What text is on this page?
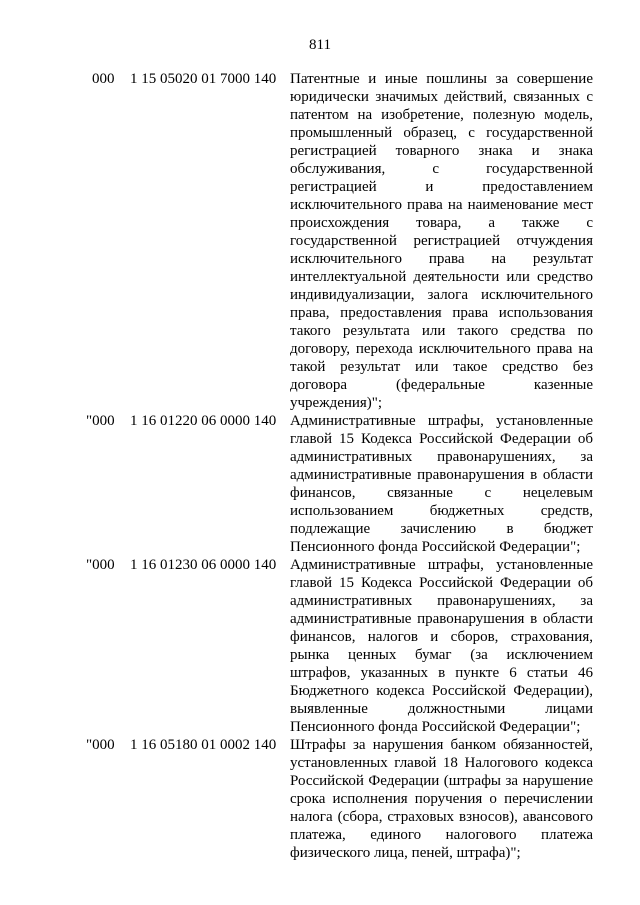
811
000 1 15 05020 01 7000 140 Патентные и иные пошлины за совершение
юридически значимых действий, связанных с
патентом на изобретение, полезную модель,
промышленный образец, с государственной
регистрацией товарного знака и знака
обслуживания, с государственной
регистрацией и предоставлением
исключительного права на наименование мест
происхождения товара, а также с
государственной регистрацией отчуждения
исключительного права на результат
интеллектуальной деятельности или средство
индивидуализации, залога исключительного
права, предоставления права использования
такого результата или такого средства по
договору, перехода исключительного права на
такой результат или такое средство без
договора (федеральные казенные
учреждения)";
"000 1 16 01220 06 0000 140 Административные штрафы, установленные
главой 15 Кодекса Российской Федерации об
административных правонарушениях, за
административные правонарушения в области
финансов, связанные с нецелевым
использованием бюджетных средств,
подлежащие зачислению в бюджет
Пенсионного фонда Российской Федерации";
"000 1 16 01230 06 0000 140 Административные штрафы, установленные
главой 15 Кодекса Российской Федерации об
административных правонарушениях, за
административные правонарушения в области
финансов, налогов и сборов, страхования,
рынка ценных бумаг (за исключением
штрафов, указанных в пункте 6 статьи 46
Бюджетного кодекса Российской Федерации),
выявленные должностными лицами
Пенсионного фонда Российской Федерации";
"000 1 16 05180 01 0002 140 Штрафы за нарушения банком обязанностей,
установленных главой 18 Налогового кодекса
Российской Федерации (штрафы за нарушение
срока исполнения поручения о перечислении
налога (сбора, страховых взносов), авансового
платежа, единого налогового платежа
физического лица, пеней, штрафа)";
